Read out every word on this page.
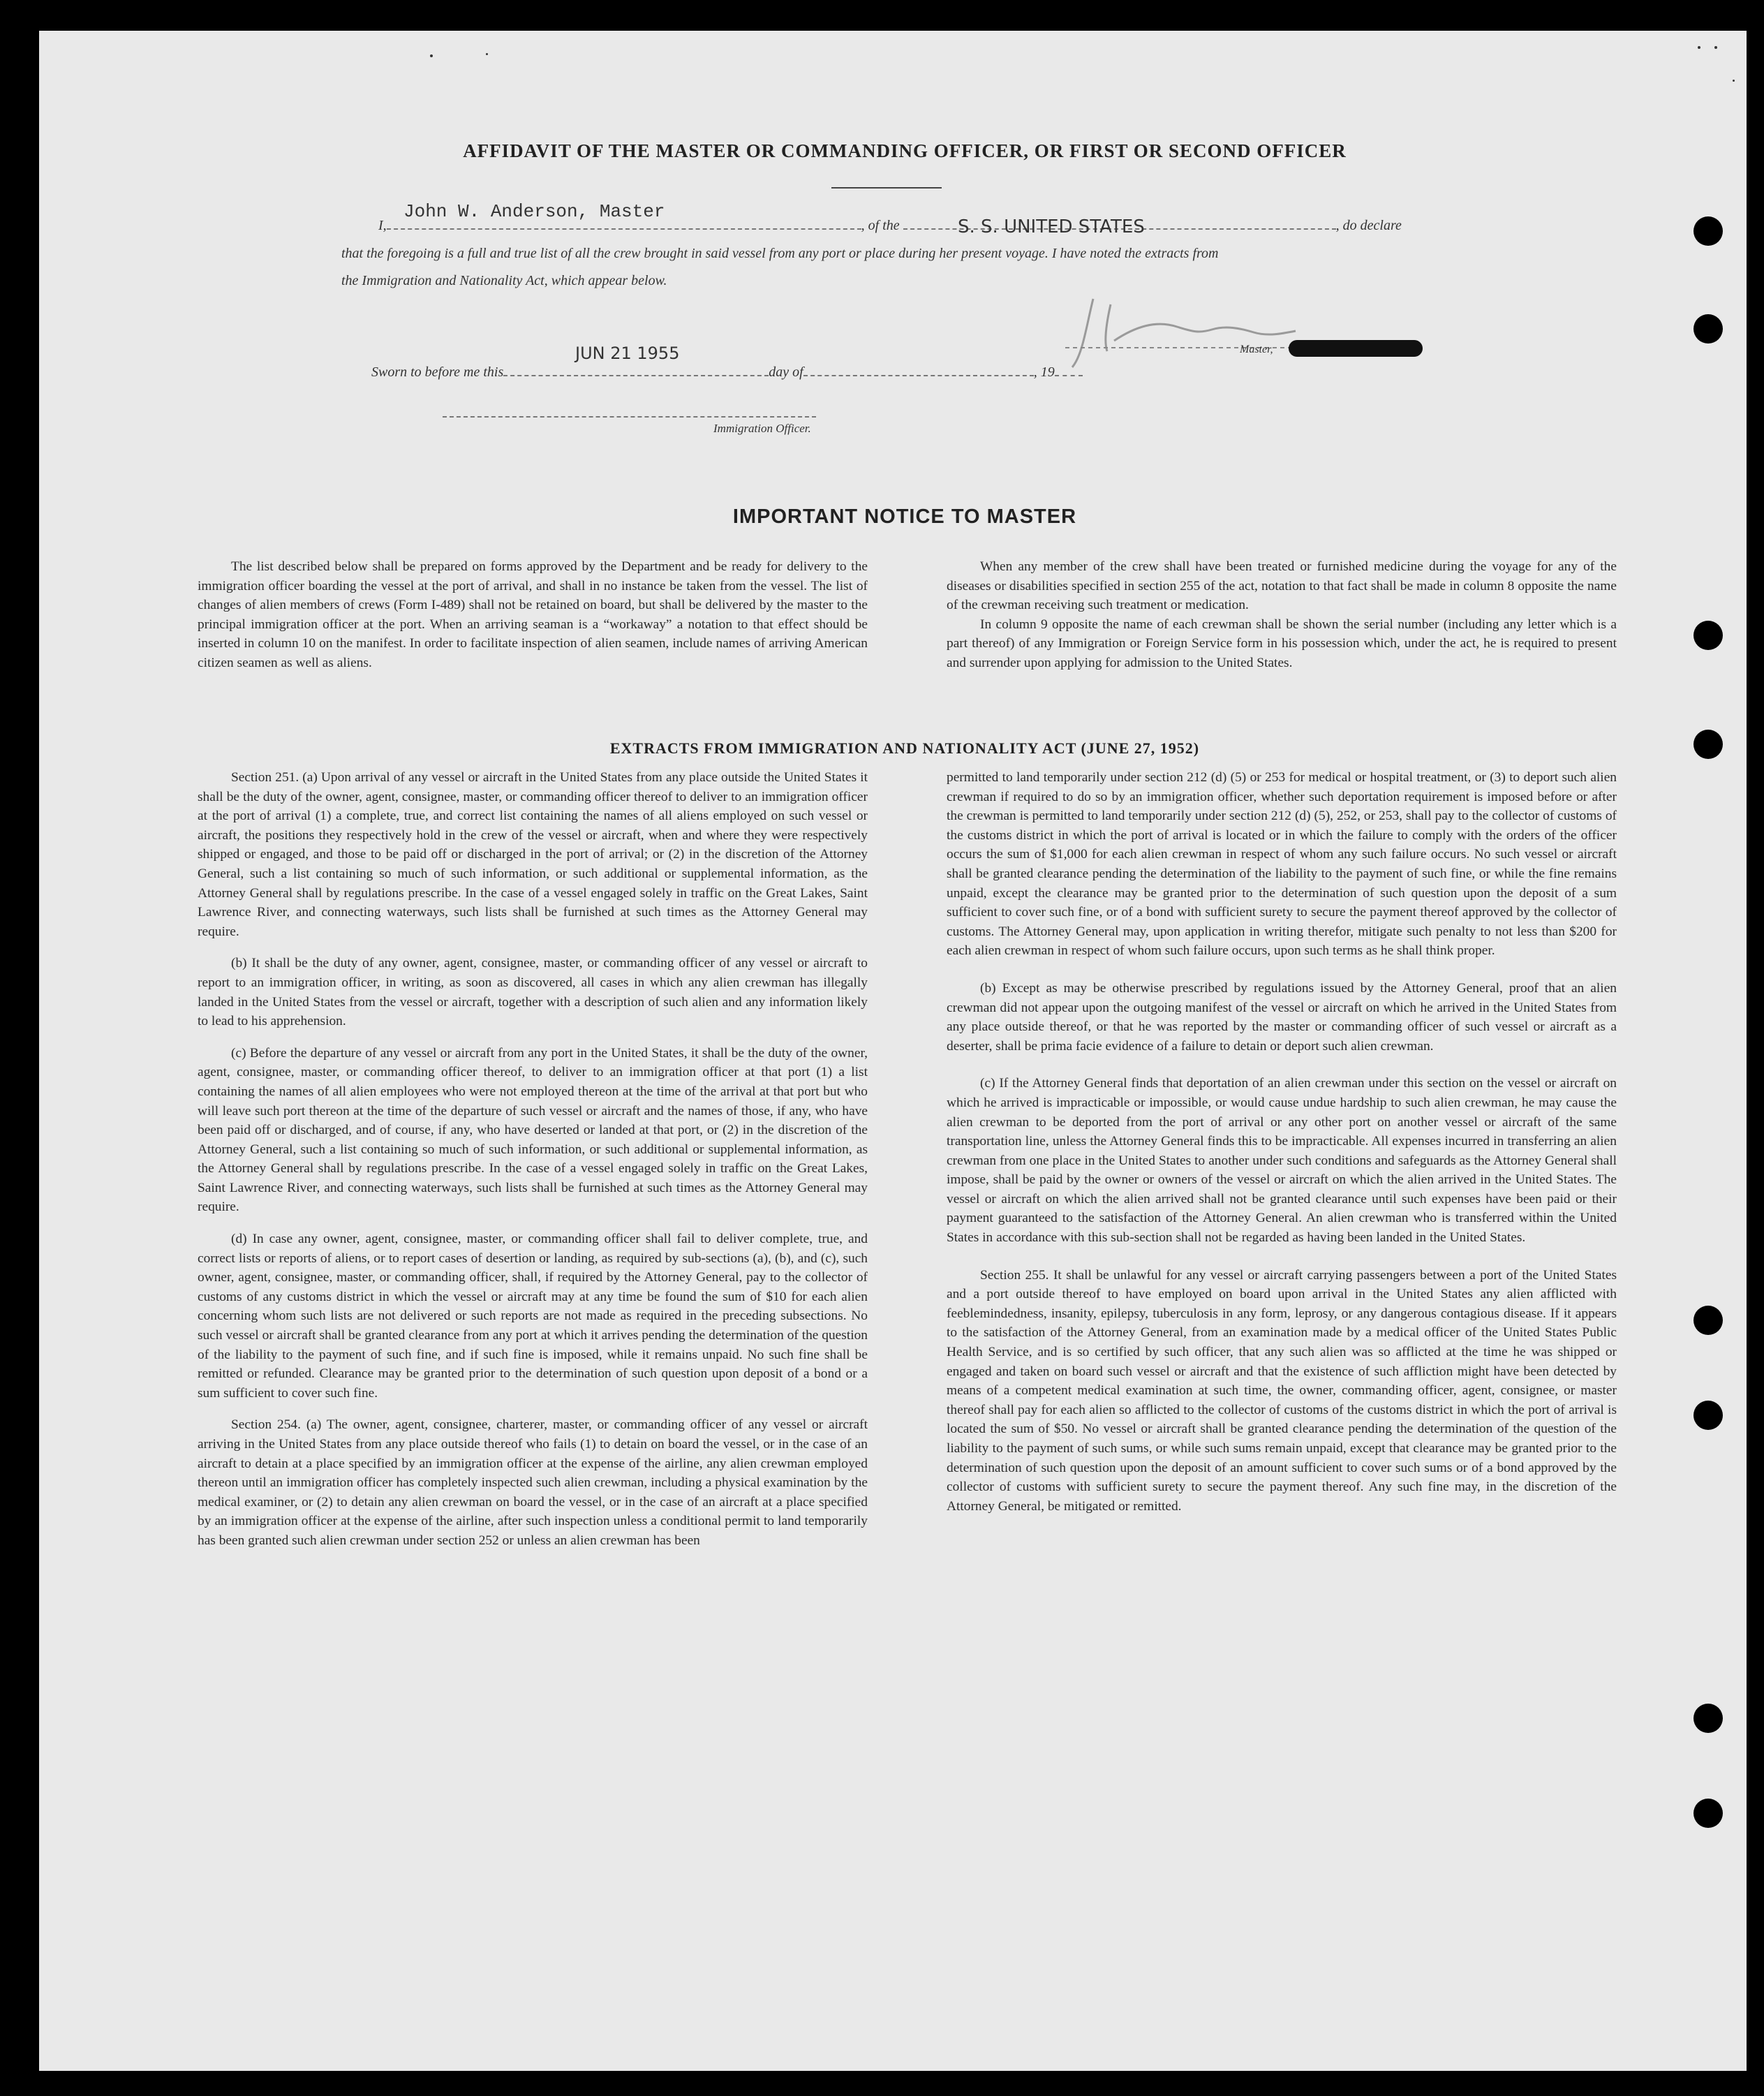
AFFIDAVIT OF THE MASTER OR COMMANDING OFFICER, OR FIRST OR SECOND OFFICER
I,	, of the	, do declare
John W. Anderson, Master
S. S. UNITED STATES
that the foregoing is a full and true list of all the crew brought in said vessel from any port or place during her present voyage. I have noted the extracts from
the Immigration and Nationality Act, which appear below.
Master,
Sworn to before me this	day of	, 19
JUN 21 1955
Immigration Officer.
IMPORTANT NOTICE TO MASTER

The list described below shall be prepared on forms approved by the Department and be ready for delivery to the immigration officer boarding the vessel at the port of arrival, and shall in no instance be taken from the vessel. The list of changes of alien members of crews (Form I-489) shall not be retained on board, but shall be delivered by the master to the principal immigration officer at the port. When an arriving seaman is a “workaway” a notation to that effect should be inserted in column 10 on the manifest. In order to facilitate inspection of alien seamen, include names of arriving American citizen seamen as well as aliens.

When any member of the crew shall have been treated or furnished medicine during the voyage for any of the diseases or disabilities specified in section 255 of the act, notation to that fact shall be made in column 8 opposite the name of the crewman receiving such treatment or medication.

In column 9 opposite the name of each crewman shall be shown the serial number (including any letter which is a part thereof) of any Immigration or Foreign Service form in his possession which, under the act, he is required to present and surrender upon applying for admission to the United States.

EXTRACTS FROM IMMIGRATION AND NATIONALITY ACT (JUNE 27, 1952)

Section 251. (a) Upon arrival of any vessel or aircraft in the United States from any place outside the United States it shall be the duty of the owner, agent, consignee, master, or commanding officer thereof to deliver to an immigration officer at the port of arrival (1) a complete, true, and correct list containing the names of all aliens employed on such vessel or aircraft, the positions they respectively hold in the crew of the vessel or aircraft, when and where they were respectively shipped or engaged, and those to be paid off or discharged in the port of arrival; or (2) in the discretion of the Attorney General, such a list containing so much of such information, or such additional or supplemental information, as the Attorney General shall by regulations prescribe. In the case of a vessel engaged solely in traffic on the Great Lakes, Saint Lawrence River, and connecting waterways, such lists shall be furnished at such times as the Attorney General may require.

(b) It shall be the duty of any owner, agent, consignee, master, or commanding officer of any vessel or aircraft to report to an immigration officer, in writing, as soon as discovered, all cases in which any alien crewman has illegally landed in the United States from the vessel or aircraft, together with a description of such alien and any information likely to lead to his apprehension.

(c) Before the departure of any vessel or aircraft from any port in the United States, it shall be the duty of the owner, agent, consignee, master, or commanding officer thereof, to deliver to an immigration officer at that port (1) a list containing the names of all alien employees who were not employed thereon at the time of the arrival at that port but who will leave such port thereon at the time of the departure of such vessel or aircraft and the names of those, if any, who have been paid off or discharged, and of course, if any, who have deserted or landed at that port, or (2) in the discretion of the Attorney General, such a list containing so much of such information, or such additional or supplemental information, as the Attorney General shall by regulations prescribe. In the case of a vessel engaged solely in traffic on the Great Lakes, Saint Lawrence River, and connecting waterways, such lists shall be furnished at such times as the Attorney General may require.

(d) In case any owner, agent, consignee, master, or commanding officer shall fail to deliver complete, true, and correct lists or reports of aliens, or to report cases of desertion or landing, as required by sub-sections (a), (b), and (c), such owner, agent, consignee, master, or commanding officer, shall, if required by the Attorney General, pay to the collector of customs of any customs district in which the vessel or aircraft may at any time be found the sum of $10 for each alien concerning whom such lists are not delivered or such reports are not made as required in the preceding subsections. No such vessel or aircraft shall be granted clearance from any port at which it arrives pending the determination of the question of the liability to the payment of such fine, and if such fine is imposed, while it remains unpaid. No such fine shall be remitted or refunded. Clearance may be granted prior to the determination of such question upon deposit of a bond or a sum sufficient to cover such fine.

Section 254. (a) The owner, agent, consignee, charterer, master, or commanding officer of any vessel or aircraft arriving in the United States from any place outside thereof who fails (1) to detain on board the vessel, or in the case of an aircraft to detain at a place specified by an immigration officer at the expense of the airline, any alien crewman employed thereon until an immigration officer has completely inspected such alien crewman, including a physical examination by the medical examiner, or (2) to detain any alien crewman on board the vessel, or in the case of an aircraft at a place specified by an immigration officer at the expense of the airline, after such inspection unless a conditional permit to land temporarily has been granted such alien crewman under section 252 or unless an alien crewman has been

permitted to land temporarily under section 212 (d) (5) or 253 for medical or hospital treatment, or (3) to deport such alien crewman if required to do so by an immigration officer, whether such deportation requirement is imposed before or after the crewman is permitted to land temporarily under section 212 (d) (5), 252, or 253, shall pay to the collector of customs of the customs district in which the port of arrival is located or in which the failure to comply with the orders of the officer occurs the sum of $1,000 for each alien crewman in respect of whom any such failure occurs. No such vessel or aircraft shall be granted clearance pending the determination of the liability to the payment of such fine, or while the fine remains unpaid, except the clearance may be granted prior to the determination of such question upon the deposit of a sum sufficient to cover such fine, or of a bond with sufficient surety to secure the payment thereof approved by the collector of customs. The Attorney General may, upon application in writing therefor, mitigate such penalty to not less than $200 for each alien crewman in respect of whom such failure occurs, upon such terms as he shall think proper.

(b) Except as may be otherwise prescribed by regulations issued by the Attorney General, proof that an alien crewman did not appear upon the outgoing manifest of the vessel or aircraft on which he arrived in the United States from any place outside thereof, or that he was reported by the master or commanding officer of such vessel or aircraft as a deserter, shall be prima facie evidence of a failure to detain or deport such alien crewman.

(c) If the Attorney General finds that deportation of an alien crewman under this section on the vessel or aircraft on which he arrived is impracticable or impossible, or would cause undue hardship to such alien crewman, he may cause the alien crewman to be deported from the port of arrival or any other port on another vessel or aircraft of the same transportation line, unless the Attorney General finds this to be impracticable. All expenses incurred in transferring an alien crewman from one place in the United States to another under such conditions and safeguards as the Attorney General shall impose, shall be paid by the owner or owners of the vessel or aircraft on which the alien arrived in the United States. The vessel or aircraft on which the alien arrived shall not be granted clearance until such expenses have been paid or their payment guaranteed to the satisfaction of the Attorney General. An alien crewman who is transferred within the United States in accordance with this sub-section shall not be regarded as having been landed in the United States.

Section 255. It shall be unlawful for any vessel or aircraft carrying passengers between a port of the United States and a port outside thereof to have employed on board upon arrival in the United States any alien afflicted with feeblemindedness, insanity, epilepsy, tuberculosis in any form, leprosy, or any dangerous contagious disease. If it appears to the satisfaction of the Attorney General, from an examination made by a medical officer of the United States Public Health Service, and is so certified by such officer, that any such alien was so afflicted at the time he was shipped or engaged and taken on board such vessel or aircraft and that the existence of such affliction might have been detected by means of a competent medical examination at such time, the owner, commanding officer, agent, consignee, or master thereof shall pay for each alien so afflicted to the collector of customs of the customs district in which the port of arrival is located the sum of $50. No vessel or aircraft shall be granted clearance pending the determination of the question of the liability to the payment of such sums, or while such sums remain unpaid, except that clearance may be granted prior to the determination of such question upon the deposit of an amount sufficient to cover such sums or of a bond approved by the collector of customs with sufficient surety to secure the payment thereof. Any such fine may, in the discretion of the Attorney General, be mitigated or remitted.
